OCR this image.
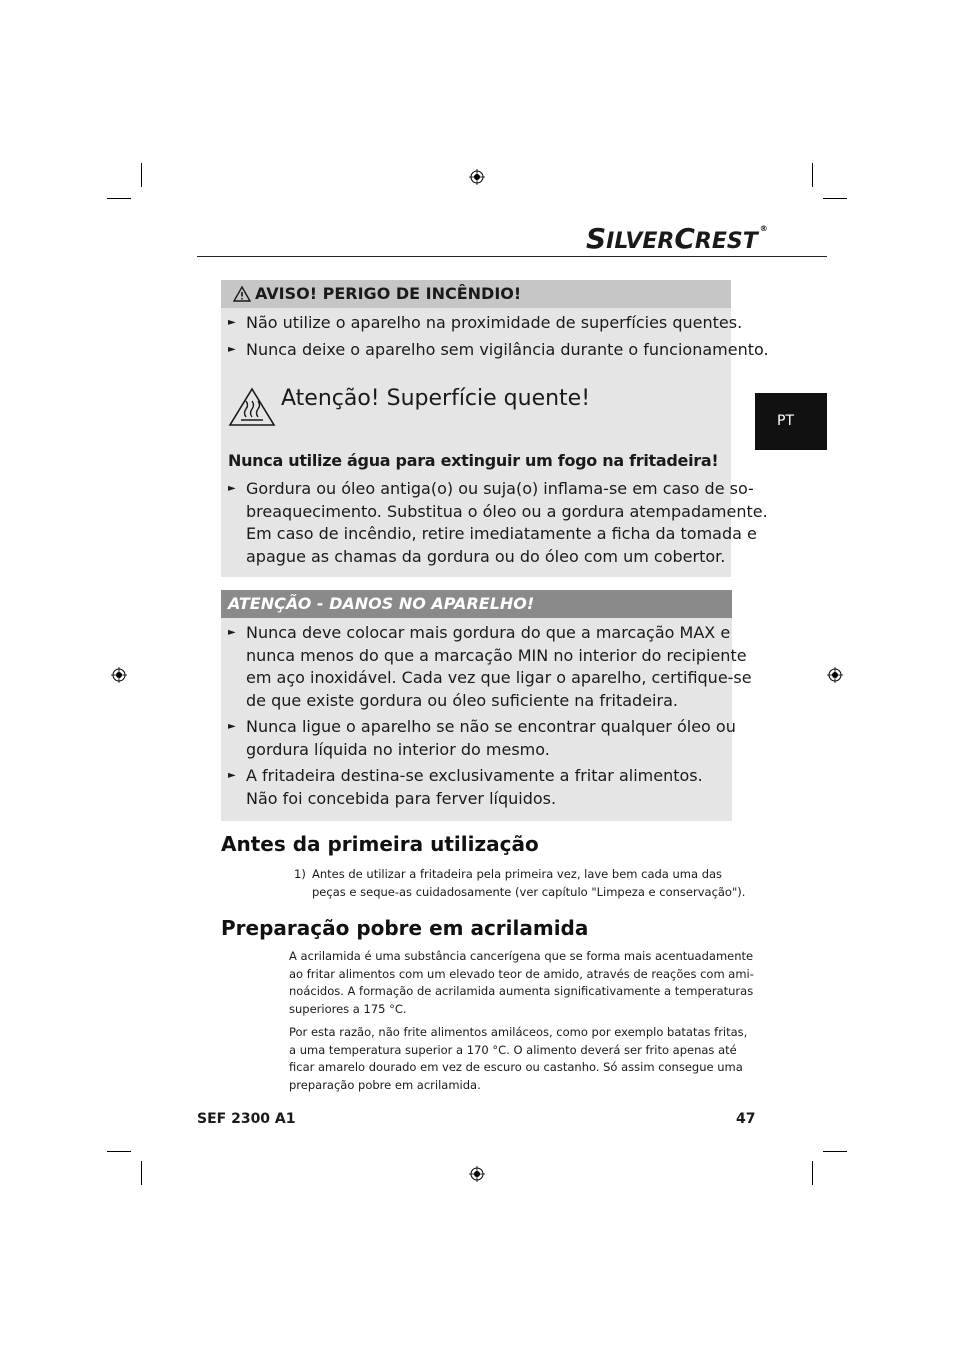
SILVERCREST®
PT
AVISO! PERIGO DE INCÊNDIO!
► Não utilize o aparelho na proximidade de superfícies quentes.
► Nunca deixe o aparelho sem vigilância durante o funcionamento.
Atenção! Superfície quente!
Nunca utilize água para extinguir um fogo na fritadeira!
► Gordura ou óleo antiga(o) ou suja(o) inflama-se em caso de so-
breaquecimento. Substitua o óleo ou a gordura atempadamente.
Em caso de incêndio, retire imediatamente a ficha da tomada e
apague as chamas da gordura ou do óleo com um cobertor.
ATENÇÃO - DANOS NO APARELHO!
► Nunca deve colocar mais gordura do que a marcação MAX e
nunca menos do que a marcação MIN no interior do recipiente
em aço inoxidável. Cada vez que ligar o aparelho, certifique-se
de que existe gordura ou óleo suficiente na fritadeira.
► Nunca ligue o aparelho se não se encontrar qualquer óleo ou
gordura líquida no interior do mesmo.
► A fritadeira destina-se exclusivamente a fritar alimentos.
Não foi concebida para ferver líquidos.
Antes da primeira utilização
1) Antes de utilizar a fritadeira pela primeira vez, lave bem cada uma das
peças e seque-as cuidadosamente (ver capítulo "Limpeza e conservação").
Preparação pobre em acrilamida
A acrilamida é uma substância cancerígena que se forma mais acentuadamente
ao fritar alimentos com um elevado teor de amido, através de reações com ami-
noácidos. A formação de acrilamida aumenta significativamente a temperaturas
superiores a 175 °C.
Por esta razão, não frite alimentos amiláceos, como por exemplo batatas fritas,
a uma temperatura superior a 170 °C. O alimento deverá ser frito apenas até
ficar amarelo dourado em vez de escuro ou castanho. Só assim consegue uma
preparação pobre em acrilamida.
SEF 2300 A1	47
